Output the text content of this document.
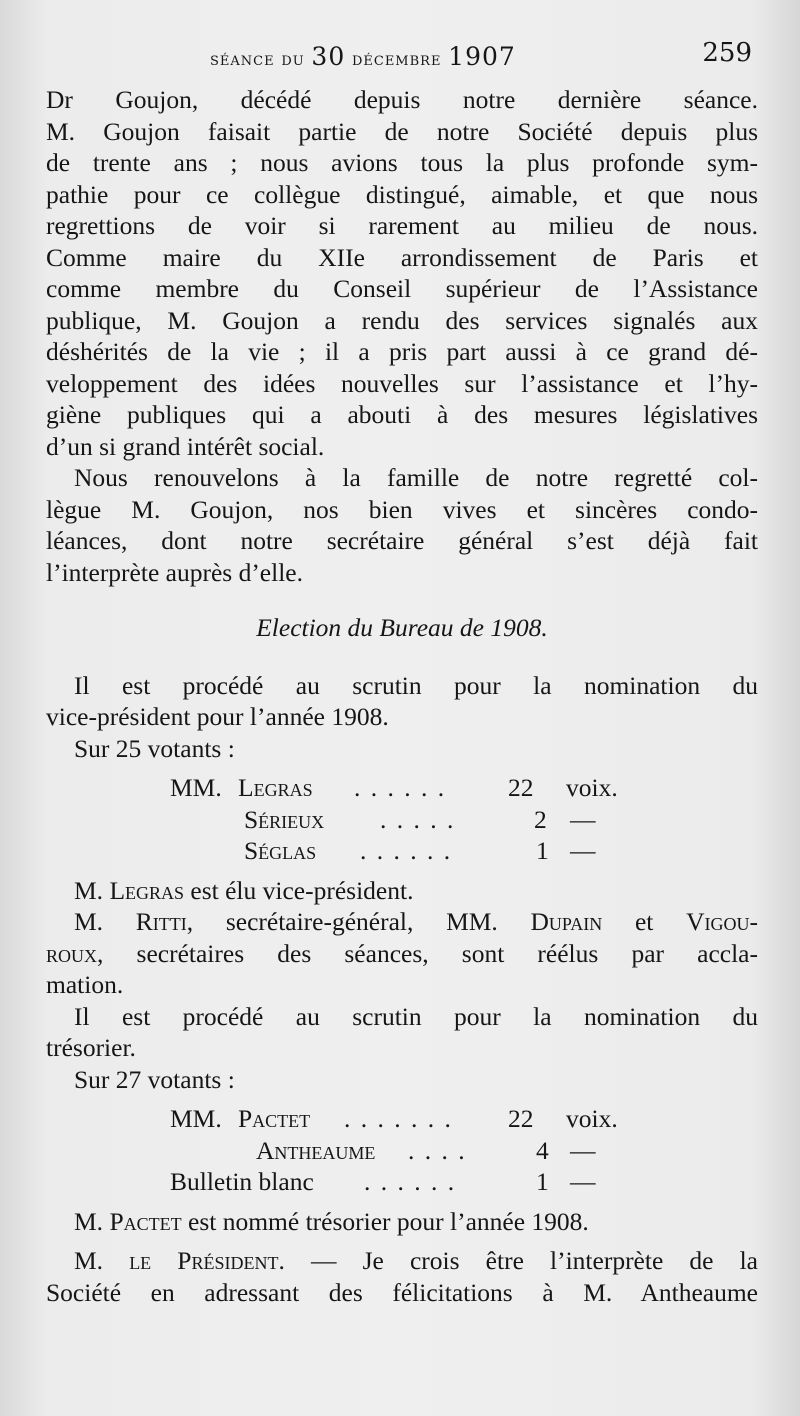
séance du 30 décembre 1907	259
Dr Goujon, décédé depuis notre dernière séance.
M. Goujon faisait partie de notre Société depuis plus
de trente ans ; nous avions tous la plus profonde sym-
pathie pour ce collègue distingué, aimable, et que nous
regrettions de voir si rarement au milieu de nous.
Comme maire du XIIe arrondissement de Paris et
comme membre du Conseil supérieur de l’Assistance
publique, M. Goujon a rendu des services signalés aux
déshérités de la vie ; il a pris part aussi à ce grand dé-
veloppement des idées nouvelles sur l’assistance et l’hy-
giène publiques qui a abouti à des mesures législatives
d’un si grand intérêt social.
Nous renouvelons à la famille de notre regretté col-
lègue M. Goujon, nos bien vives et sincères condo-
léances, dont notre secrétaire général s’est déjà fait
l’interprète auprès d’elle.
Election du Bureau de 1908.
Il est procédé au scrutin pour la nomination du
vice-président pour l’année 1908.
Sur 25 votants :
MM. Legras . . . . . . 22 voix.
Sérieux . . . . .	2 —
Séglas . . . . . .	1 —
M. Legras est élu vice-président.
M. Ritti, secrétaire-général, MM. Dupain et Vigou-
roux, secrétaires des séances, sont réélus par accla-
mation.
Il est procédé au scrutin pour la nomination du
trésorier.
Sur 27 votants :
MM. Pactet . . . . . . . 22 voix.
Antheaume . . . .	4 —
Bulletin blanc . . . . . .	1 —
M. Pactet est nommé trésorier pour l’année 1908.
M. le Président. — Je crois être l’interprète de la
Société en adressant des félicitations à M. Antheaume
